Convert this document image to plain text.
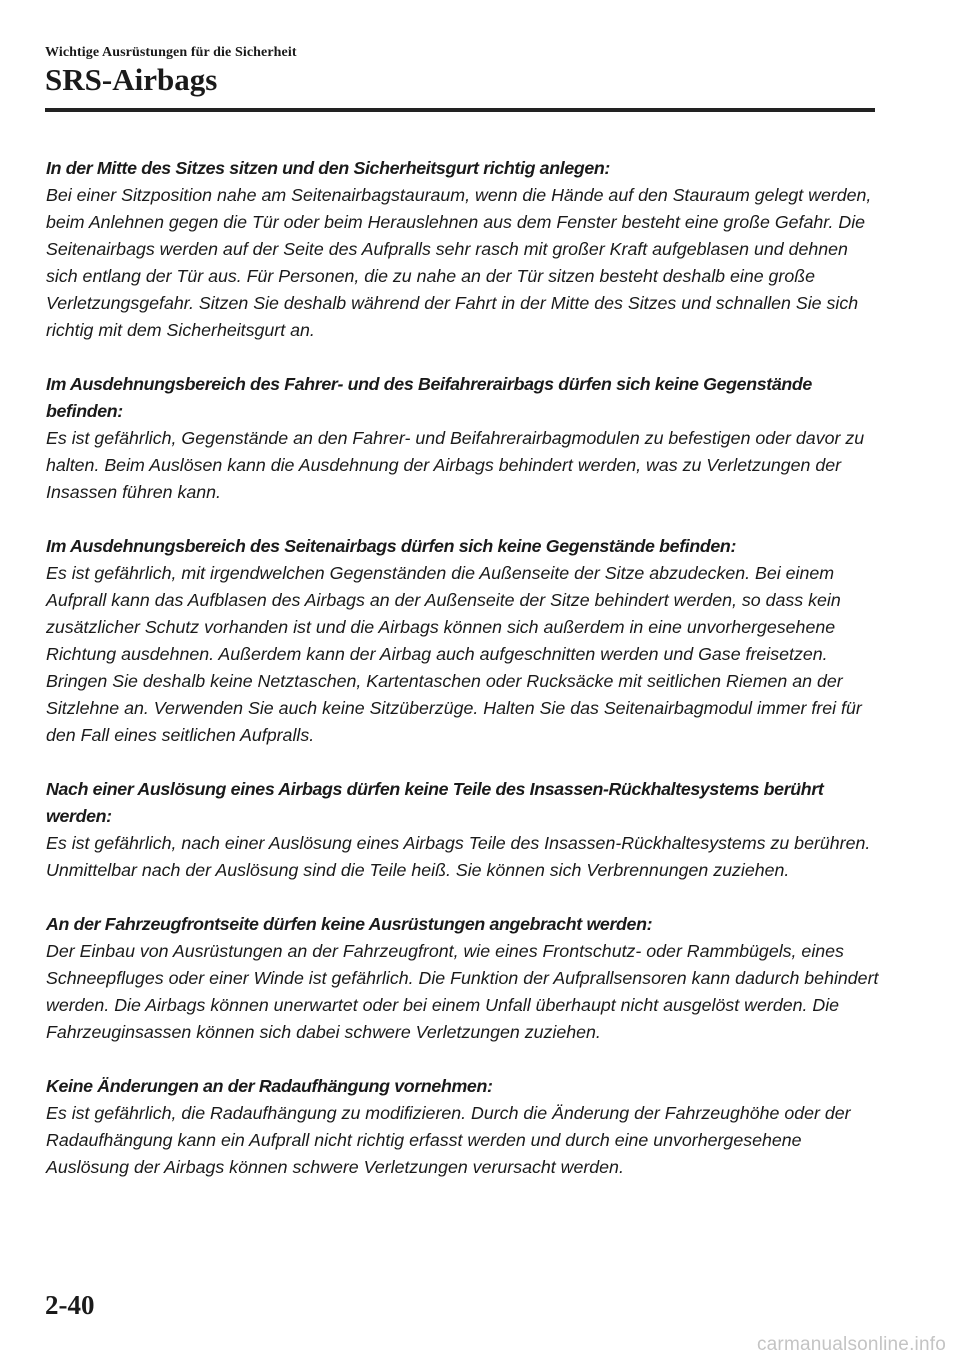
Wichtige Ausrüstungen für die Sicherheit
SRS-Airbags

In der Mitte des Sitzes sitzen und den Sicherheitsgurt richtig anlegen:

Bei einer Sitzposition nahe am Seitenairbagstauraum, wenn die Hände auf den Stauraum gelegt werden, beim Anlehnen gegen die Tür oder beim Herauslehnen aus dem Fenster besteht eine große Gefahr. Die Seitenairbags werden auf der Seite des Aufpralls sehr rasch mit großer Kraft aufgeblasen und dehnen sich entlang der Tür aus. Für Personen, die zu nahe an der Tür sitzen besteht deshalb eine große Verletzungsgefahr. Sitzen Sie deshalb während der Fahrt in der Mitte des Sitzes und schnallen Sie sich richtig mit dem Sicherheitsgurt an.

Im Ausdehnungsbereich des Fahrer- und des Beifahrerairbags dürfen sich keine Gegenstände befinden:

Es ist gefährlich, Gegenstände an den Fahrer- und Beifahrerairbagmodulen zu befestigen oder davor zu halten. Beim Auslösen kann die Ausdehnung der Airbags behindert werden, was zu Verletzungen der Insassen führen kann.

Im Ausdehnungsbereich des Seitenairbags dürfen sich keine Gegenstände befinden:

Es ist gefährlich, mit irgendwelchen Gegenständen die Außenseite der Sitze abzudecken. Bei einem Aufprall kann das Aufblasen des Airbags an der Außenseite der Sitze behindert werden, so dass kein zusätzlicher Schutz vorhanden ist und die Airbags können sich außerdem in eine unvorhergesehene Richtung ausdehnen. Außerdem kann der Airbag auch aufgeschnitten werden und Gase freisetzen.

Bringen Sie deshalb keine Netztaschen, Kartentaschen oder Rucksäcke mit seitlichen Riemen an der Sitzlehne an. Verwenden Sie auch keine Sitzüberzüge. Halten Sie das Seitenairbagmodul immer frei für den Fall eines seitlichen Aufpralls.

Nach einer Auslösung eines Airbags dürfen keine Teile des Insassen-Rückhaltesystems berührt werden:

Es ist gefährlich, nach einer Auslösung eines Airbags Teile des Insassen-Rückhaltesystems zu berühren. Unmittelbar nach der Auslösung sind die Teile heiß. Sie können sich Verbrennungen zuziehen.

An der Fahrzeugfrontseite dürfen keine Ausrüstungen angebracht werden:

Der Einbau von Ausrüstungen an der Fahrzeugfront, wie eines Frontschutz- oder Rammbügels, eines Schneepfluges oder einer Winde ist gefährlich. Die Funktion der Aufprallsensoren kann dadurch behindert werden. Die Airbags können unerwartet oder bei einem Unfall überhaupt nicht ausgelöst werden. Die Fahrzeuginsassen können sich dabei schwere Verletzungen zuziehen.

Keine Änderungen an der Radaufhängung vornehmen:

Es ist gefährlich, die Radaufhängung zu modifizieren. Durch die Änderung der Fahrzeughöhe oder der Radaufhängung kann ein Aufprall nicht richtig erfasst werden und durch eine unvorhergesehene Auslösung der Airbags können schwere Verletzungen verursacht werden.

2-40
carmanualsonline.info
